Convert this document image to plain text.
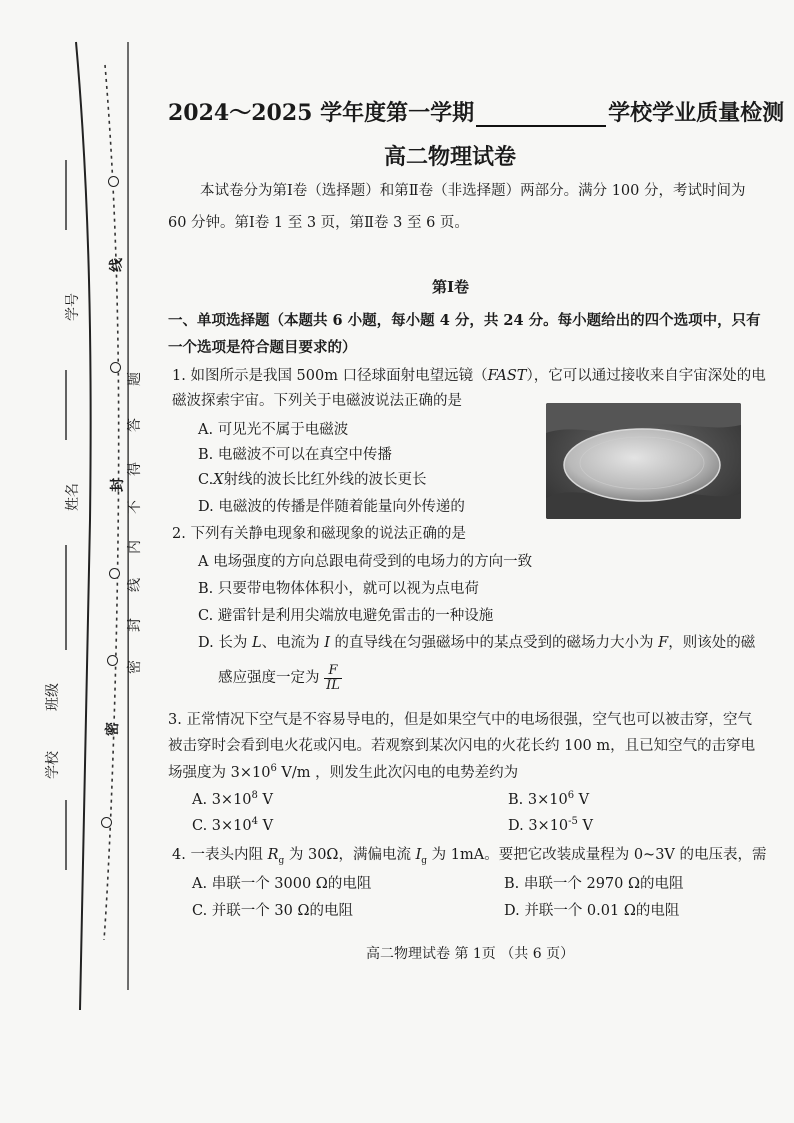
学号
姓名
班级
学校
线
封
密
题
答
得
不
内
线
封
密
2024～2025 学年度第一学期	学校学业质量检测
高二物理试卷
本试卷分为第Ⅰ卷（选择题）和第Ⅱ卷（非选择题）两部分。满分 100 分，考试时间为
60 分钟。第Ⅰ卷 1 至 3 页，第Ⅱ卷 3 至 6 页。
第Ⅰ卷
一、单项选择题（本题共 6 小题，每小题 4 分，共 24 分。每小题给出的四个选项中，只有
一个选项是符合题目要求的）
1. 如图所示是我国 500m 口径球面射电望远镜（FAST），它可以通过接收来自宇宙深处的电
磁波探索宇宙。下列关于电磁波说法正确的是
A. 可见光不属于电磁波
B. 电磁波不可以在真空中传播
C.X射线的波长比红外线的波长更长
D. 电磁波的传播是伴随着能量向外传递的
2. 下列有关静电现象和磁现象的说法正确的是
A 电场强度的方向总跟电荷受到的电场力的方向一致
B. 只要带电物体体积小，就可以视为点电荷
C. 避雷针是利用尖端放电避免雷击的一种设施
D. 长为 L、电流为 I 的直导线在匀强磁场中的某点受到的磁场力大小为 F，则该处的磁
感应强度一定为 $\frac{F}{IL}$
3. 正常情况下空气是不容易导电的，但是如果空气中的电场很强，空气也可以被击穿，空气
被击穿时会看到电火花或闪电。若观察到某次闪电的火花长约 100 m，且已知空气的击穿电
场强度为 $3\times 10^6$ V/m ，则发生此次闪电的电势差约为
A. $3\times 10^8$ V	B. $3\times 10^6$ V
C. $3\times 10^4$ V	D. $3\times 10^{-5}$ V
4. 一表头内阻 $R_g$ 为 30Ω，满偏电流 $I_g$ 为 1mA。要把它改装成量程为 0~3V 的电压表，需
A. 串联一个 3000 Ω的电阻	B. 串联一个 2970 Ω的电阻
C. 并联一个 30 Ω的电阻	D. 并联一个 0.01 Ω的电阻
高二物理试卷 第 1页 （共 6 页）
